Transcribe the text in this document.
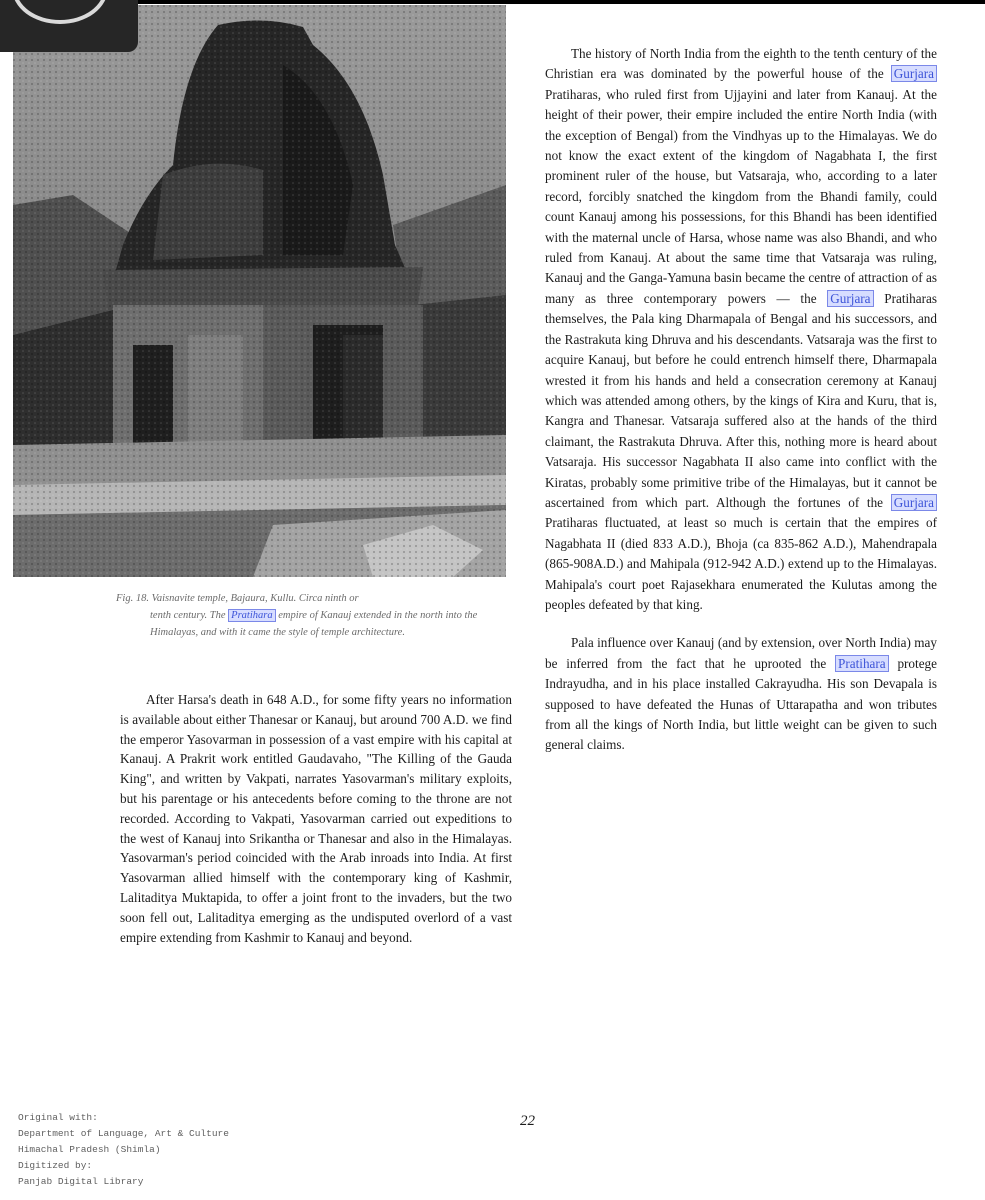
Fig. 18. Vaisnavite temple, Bajaura, Kullu. Circa ninth or

tenth century. The Pratihara empire of Kanauj extended in the north into the Himalayas, and with it came the style of temple architecture.

After Harsa's death in 648 A.D., for some fifty years no information is available about either Thanesar or Kanauj, but around 700 A.D. we find the emperor Yasovarman in possession of a vast empire with his capital at Kanauj. A Prakrit work entitled Gaudavaho, "The Killing of the Gauda King", and written by Vakpati, narrates Yasovarman's military exploits, but his parentage or his antecedents before coming to the throne are not recorded. According to Vakpati, Yasovarman carried out expeditions to the west of Kanauj into Srikantha or Thanesar and also in the Himalayas. Yasovarman's period coincided with the Arab inroads into India. At first Yasovarman allied himself with the contemporary king of Kashmir, Lalitaditya Muktapida, to offer a joint front to the invaders, but the two soon fell out, Lalitaditya emerging as the undisputed overlord of a vast empire extending from Kashmir to Kanauj and beyond.

The history of North India from the eighth to the tenth century of the Christian era was dominated by the powerful house of the Gurjara Pratiharas, who ruled first from Ujjayini and later from Kanauj. At the height of their power, their empire included the entire North India (with the exception of Bengal) from the Vindhyas up to the Himalayas. We do not know the exact extent of the kingdom of Nagabhata I, the first prominent ruler of the house, but Vatsaraja, who, according to a later record, forcibly snatched the kingdom from the Bhandi family, could count Kanauj among his possessions, for this Bhandi has been identified with the maternal uncle of Harsa, whose name was also Bhandi, and who ruled from Kanauj. At about the same time that Vatsaraja was ruling, Kanauj and the Ganga-Yamuna basin became the centre of attraction of as many as three contemporary powers — the Gurjara Pratiharas themselves, the Pala king Dharmapala of Bengal and his successors, and the Rastrakuta king Dhruva and his descendants. Vatsaraja was the first to acquire Kanauj, but before he could entrench himself there, Dharmapala wrested it from his hands and held a consecration ceremony at Kanauj which was attended among others, by the kings of Kira and Kuru, that is, Kangra and Thanesar. Vatsaraja suffered also at the hands of the third claimant, the Rastrakuta Dhruva. After this, nothing more is heard about Vatsaraja. His successor Nagabhata II also came into conflict with the Kiratas, probably some primitive tribe of the Himalayas, but it cannot be ascertained from which part. Although the fortunes of the Gurjara Pratiharas fluctuated, at least so much is certain that the empires of Nagabhata II (died 833 A.D.), Bhoja (ca 835-862 A.D.), Mahendrapala (865-908A.D.) and Mahipala (912-942 A.D.) extend up to the Himalayas. Mahipala's court poet Rajasekhara enumerated the Kulutas among the peoples defeated by that king.

Pala influence over Kanauj (and by extension, over North India) may be inferred from the fact that he uprooted the Pratihara protege Indrayudha, and in his place installed Cakrayudha. His son Devapala is supposed to have defeated the Hunas of Uttarapatha and won tributes from all the kings of North India, but little weight can be given to such general claims.

22
Original with:
Department of Language, Art & Culture
Himachal Pradesh (Shimla)
Digitized by:
Panjab Digital Library
